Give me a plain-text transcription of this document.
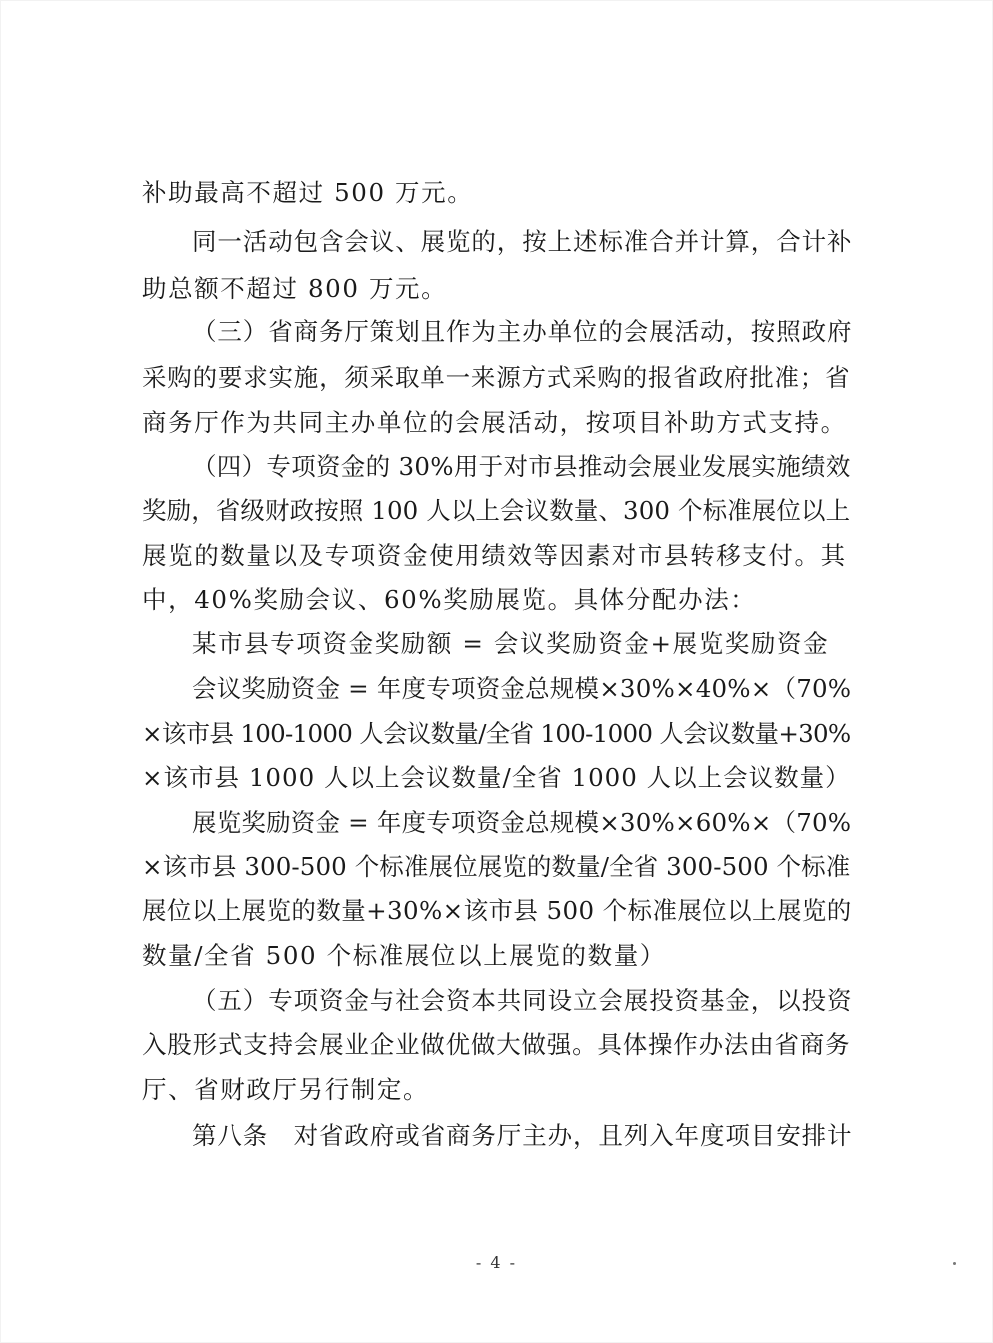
补助最高不超过 500 万元。
同一活动包含会议、展览的，按上述标准合并计算，合计补
助总额不超过 800 万元。
（三）省商务厅策划且作为主办单位的会展活动，按照政府
采购的要求实施，须采取单一来源方式采购的报省政府批准；省
商务厅作为共同主办单位的会展活动，按项目补助方式支持。
（四）专项资金的 30%用于对市县推动会展业发展实施绩效
奖励，省级财政按照 100 人以上会议数量、300 个标准展位以上
展览的数量以及专项资金使用绩效等因素对市县转移支付。其
中，40%奖励会议、60%奖励展览。具体分配办法：
某市县专项资金奖励额 = 会议奖励资金+展览奖励资金
会议奖励资金 = 年度专项资金总规模×30%×40%×（70%
×该市县 100-1000 人会议数量/全省 100-1000 人会议数量+30%
×该市县 1000 人以上会议数量/全省 1000 人以上会议数量）
展览奖励资金 = 年度专项资金总规模×30%×60%×（70%
×该市县 300-500 个标准展位展览的数量/全省 300-500 个标准
展位以上展览的数量+30%×该市县 500 个标准展位以上展览的
数量/全省 500 个标准展位以上展览的数量）
（五）专项资金与社会资本共同设立会展投资基金，以投资
入股形式支持会展业企业做优做大做强。具体操作办法由省商务
厅、省财政厅另行制定。
第八条　对省政府或省商务厅主办，且列入年度项目安排计
- 4 -
